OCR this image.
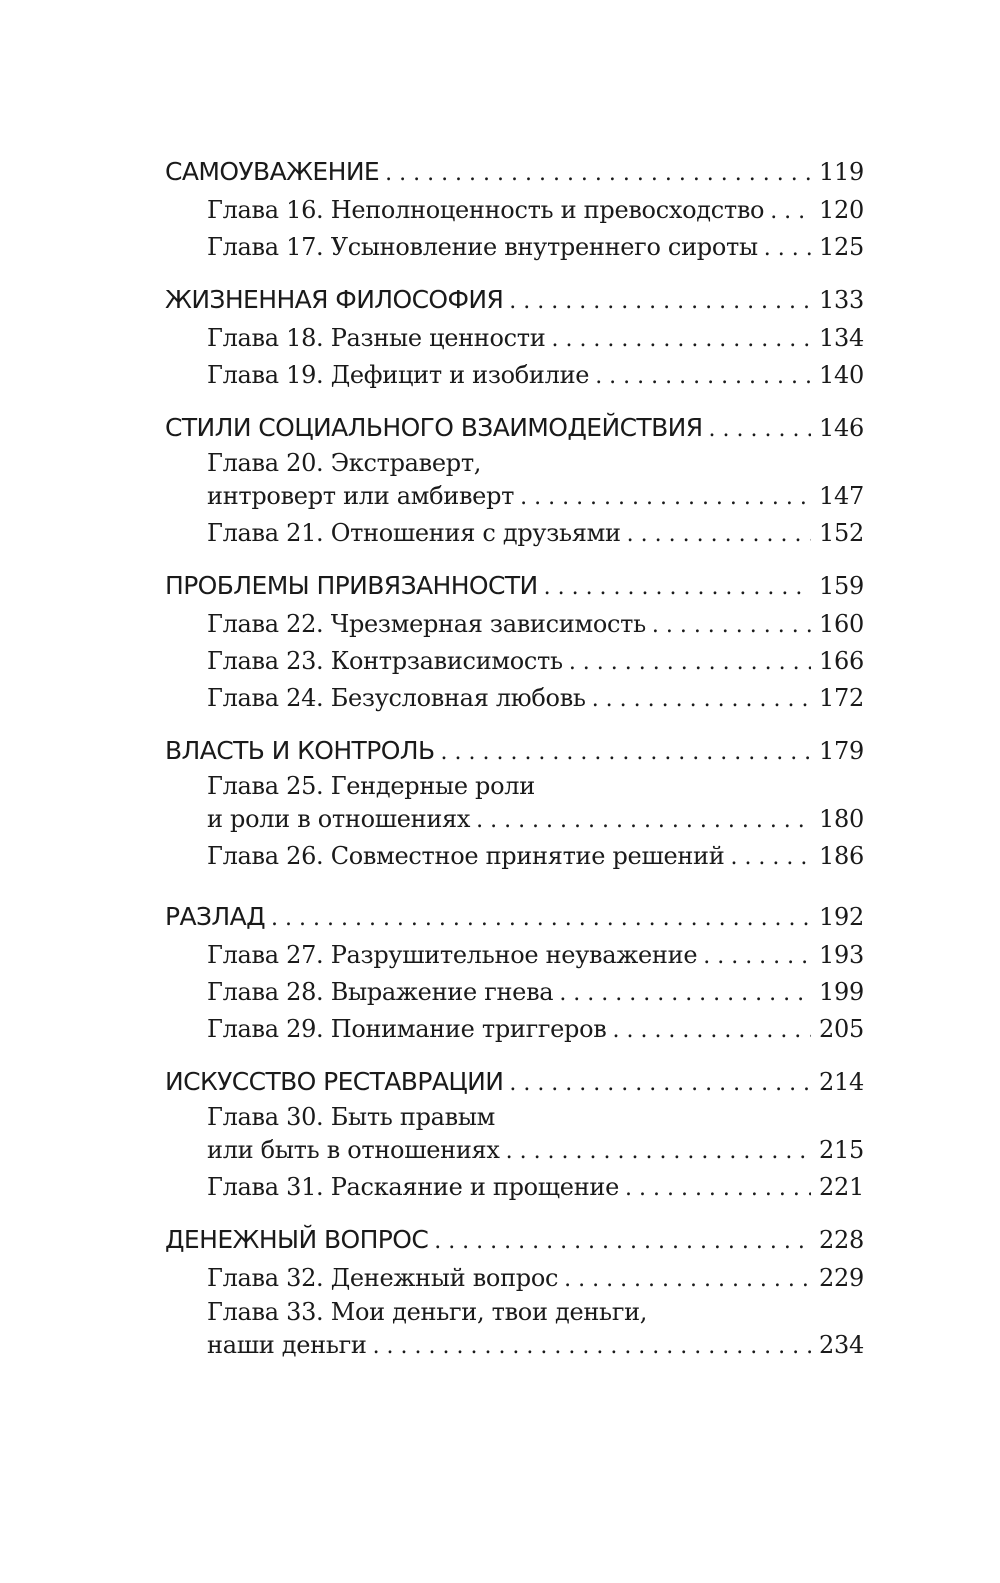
САМОУВАЖЕНИЕ . . .	119
Глава 16. Неполноценность и превосходство . . . 120
Глава 17. Усыновление внутреннего сироты . . .	125
ЖИЗНЕННАЯ ФИЛОСОФИЯ . . .	133
Глава 18. Разные ценности . . .	134
Глава 19. Дефицит и изобилие . . .	140
СТИЛИ СОЦИАЛЬНОГО ВЗАИМОДЕЙСТВИЯ . . .	146
Глава 20. Экстраверт,
интроверт или амбиверт . . .	147
Глава 21. Отношения с друзьями . . .	152
ПРОБЛЕМЫ ПРИВЯЗАННОСТИ . . .	159
Глава 22. Чрезмерная зависимость . . .	160
Глава 23. Контрзависимость . . .	166
Глава 24. Безусловная любовь . . .	172
ВЛАСТЬ И КОНТРОЛЬ . . .	179
Глава 25. Гендерные роли
и роли в отношениях . . .	180
Глава 26. Совместное принятие решений . . .	186
РАЗЛАД . . .	192
Глава 27. Разрушительное неуважение . . .	193
Глава 28. Выражение гнева . . .	199
Глава 29. Понимание триггеров . . .	205
ИСКУССТВО РЕСТАВРАЦИИ . . .	214
Глава 30. Быть правым
или быть в отношениях . . .	215
Глава 31. Раскаяние и прощение . . .	221
ДЕНЕЖНЫЙ ВОПРОС . . .	228
Глава 32. Денежный вопрос . . .	229
Глава 33. Мои деньги, твои деньги,
наши деньги . . .	234
